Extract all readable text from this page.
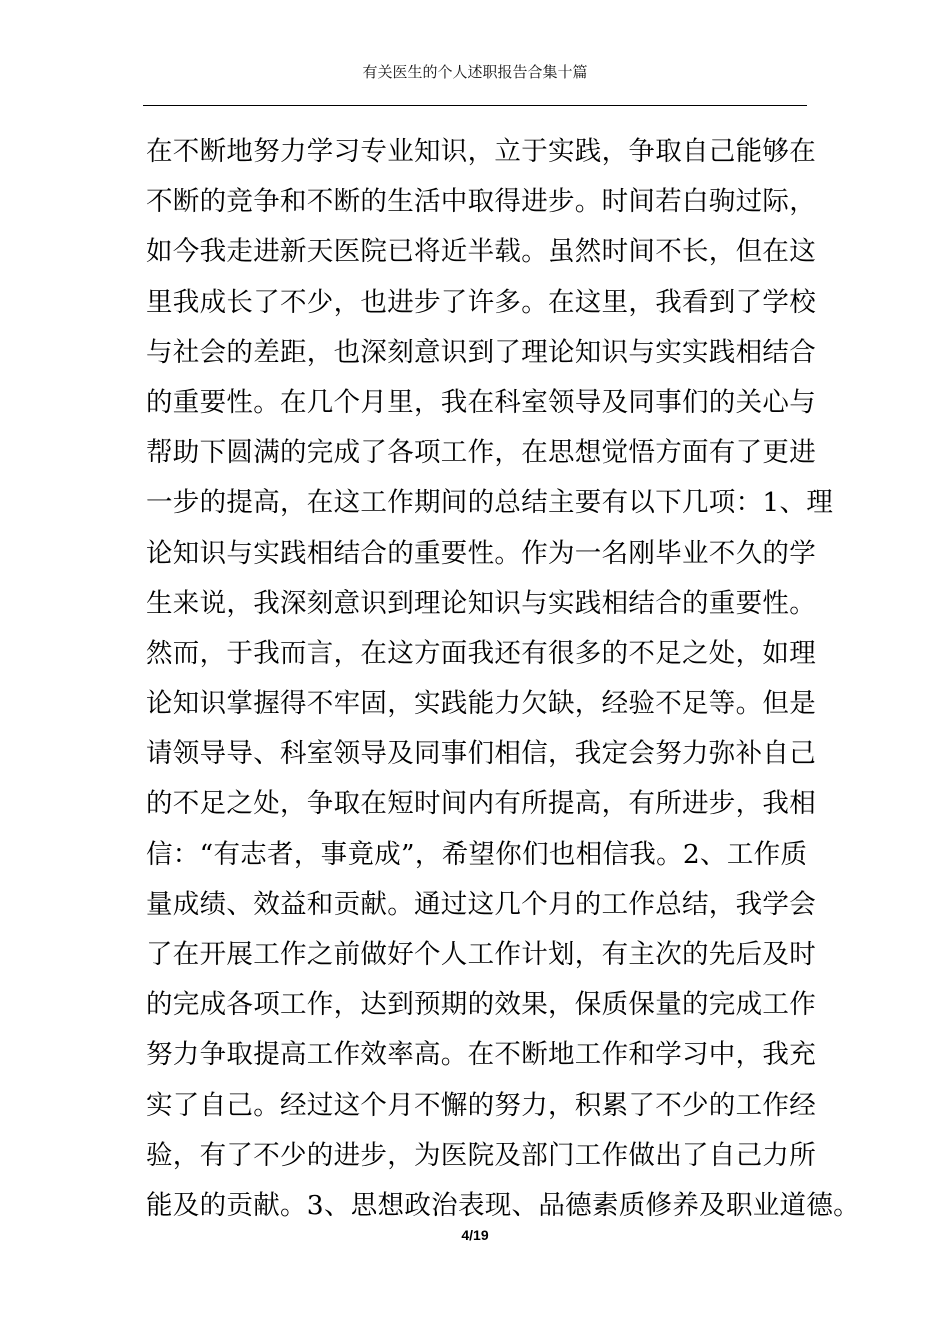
有关医生的个人述职报告合集十篇
在不断地努力学习专业知识，立于实践，争取自己能够在
不断的竞争和不断的生活中取得进步。时间若白驹过际，
如今我走进新天医院已将近半载。虽然时间不长，但在这
里我成长了不少，也进步了许多。在这里，我看到了学校
与社会的差距，也深刻意识到了理论知识与实实践相结合
的重要性。在几个月里，我在科室领导及同事们的关心与
帮助下圆满的完成了各项工作，在思想觉悟方面有了更进
一步的提高，在这工作期间的总结主要有以下几项：1、理
论知识与实践相结合的重要性。作为一名刚毕业不久的学
生来说，我深刻意识到理论知识与实践相结合的重要性。
然而，于我而言，在这方面我还有很多的不足之处，如理
论知识掌握得不牢固，实践能力欠缺，经验不足等。但是
请领导导、科室领导及同事们相信，我定会努力弥补自己
的不足之处，争取在短时间内有所提高，有所进步，我相
信：“有志者，事竟成”，希望你们也相信我。2、工作质
量成绩、效益和贡献。通过这几个月的工作总结，我学会
了在开展工作之前做好个人工作计划，有主次的先后及时
的完成各项工作，达到预期的效果，保质保量的完成工作
努力争取提高工作效率高。在不断地工作和学习中，我充
实了自己。经过这个月不懈的努力，积累了不少的工作经
验，有了不少的进步，为医院及部门工作做出了自己力所
能及的贡献。3、思想政治表现、品德素质修养及职业道德。
4/19
